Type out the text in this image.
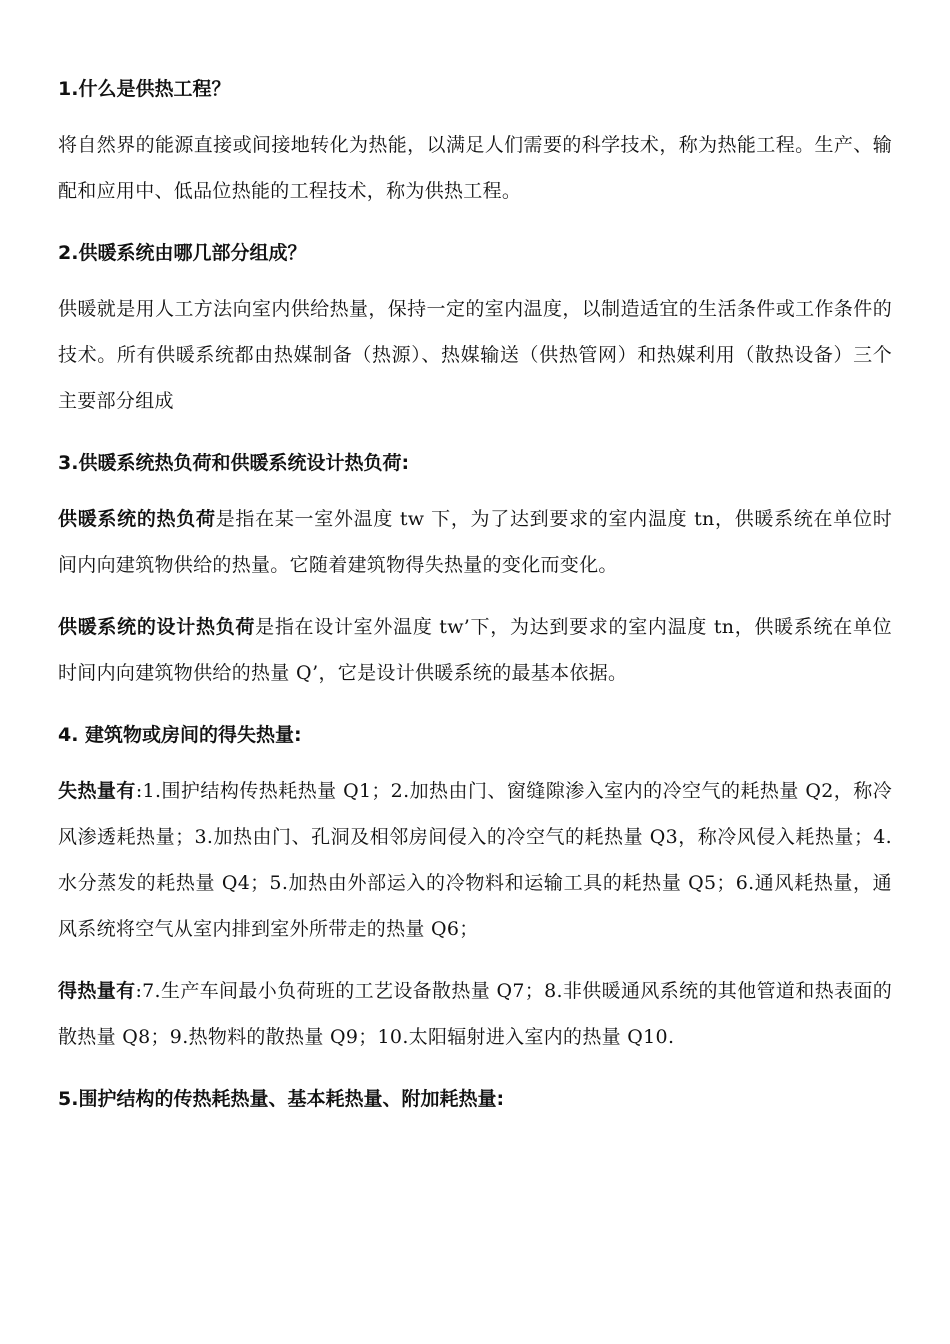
1.什么是供热工程？

将自然界的能源直接或间接地转化为热能，以满足人们需要的科学技术，称为热能工程。生产、输配和应用中、低品位热能的工程技术，称为供热工程。

2.供暖系统由哪几部分组成？

供暖就是用人工方法向室内供给热量，保持一定的室内温度，以制造适宜的生活条件或工作条件的技术。所有供暖系统都由热媒制备（热源）、热媒输送（供热管网）和热媒利用（散热设备）三个主要部分组成

3.供暖系统热负荷和供暖系统设计热负荷:

供暖系统的热负荷是指在某一室外温度 tw 下，为了达到要求的室内温度 tn，供暖系统在单位时间内向建筑物供给的热量。它随着建筑物得失热量的变化而变化。

供暖系统的设计热负荷是指在设计室外温度 tw’下，为达到要求的室内温度 tn，供暖系统在单位时间内向建筑物供给的热量 Q’，它是设计供暖系统的最基本依据。

4. 建筑物或房间的得失热量:

失热量有:1.围护结构传热耗热量 Q1；2.加热由门、窗缝隙渗入室内的冷空气的耗热量 Q2，称冷风渗透耗热量；3.加热由门、孔洞及相邻房间侵入的冷空气的耗热量 Q3，称冷风侵入耗热量；4.水分蒸发的耗热量 Q4；5.加热由外部运入的冷物料和运输工具的耗热量 Q5；6.通风耗热量，通风系统将空气从室内排到室外所带走的热量 Q6；

得热量有:7.生产车间最小负荷班的工艺设备散热量 Q7；8.非供暖通风系统的其他管道和热表面的散热量 Q8；9.热物料的散热量 Q9；10.太阳辐射进入室内的热量 Q10.

5.围护结构的传热耗热量、基本耗热量、附加耗热量:
